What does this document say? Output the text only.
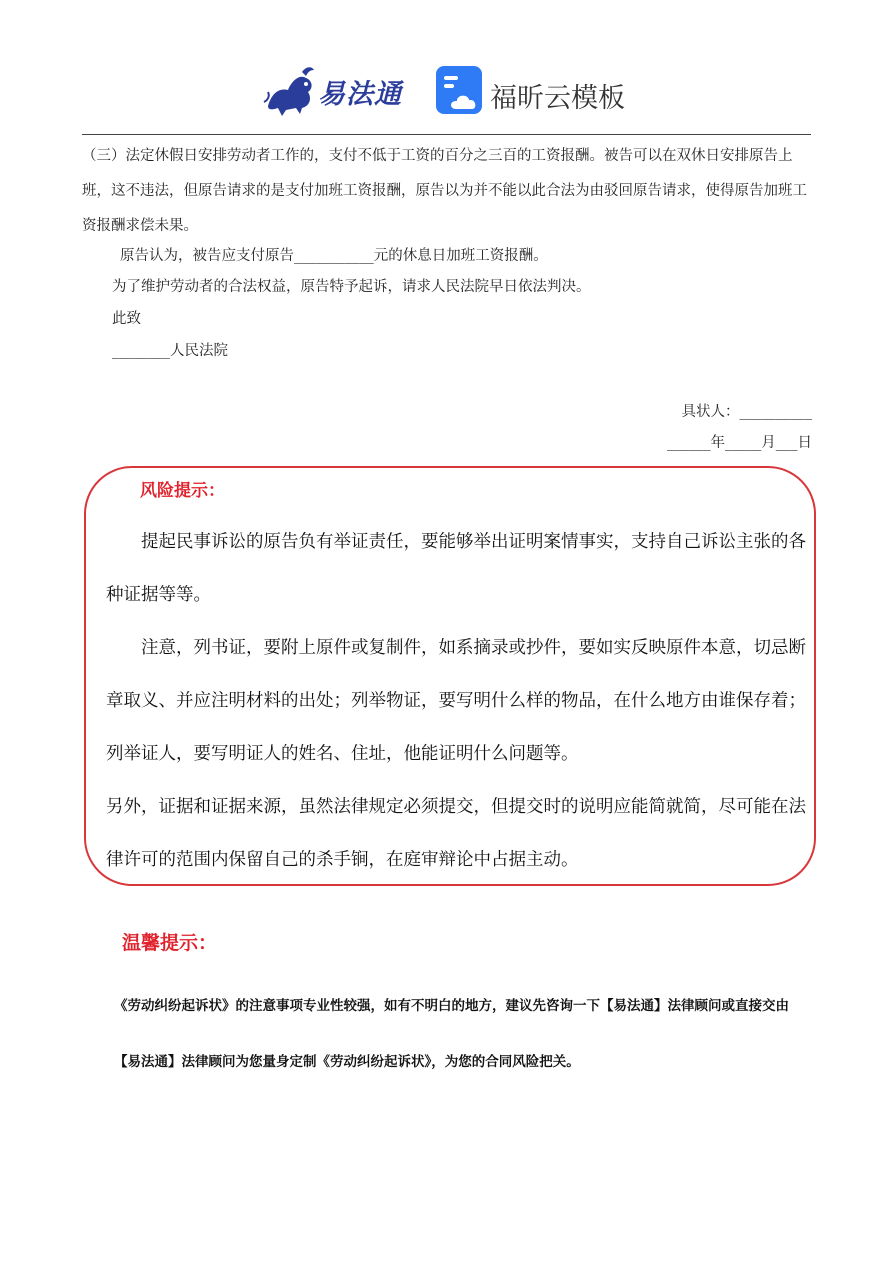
易法通	福昕云模板

（三）法定休假日安排劳动者工作的，支付不低于工资的百分之三百的工资报酬。被告可以在双休日安排原告上班，这不违法，但原告请求的是支付加班工资报酬，原告以为并不能以此合法为由驳回原告请求，使得原告加班工资报酬求偿未果。

原告认为，被告应支付原告___________元的休息日加班工资报酬。

为了维护劳动者的合法权益，原告特予起诉，请求人民法院早日依法判决。

此致

________人民法院

具状人：__________

______年_____月___日

风险提示：

提起民事诉讼的原告负有举证责任，要能够举出证明案情事实，支持自己诉讼主张的各种证据等等。

注意，列书证，要附上原件或复制件，如系摘录或抄件，要如实反映原件本意，切忌断章取义、并应注明材料的出处；列举物证，要写明什么样的物品，在什么地方由谁保存着；列举证人，要写明证人的姓名、住址，他能证明什么问题等。

另外，证据和证据来源，虽然法律规定必须提交，但提交时的说明应能简就简，尽可能在法律许可的范围内保留自己的杀手锏，在庭审辩论中占据主动。

温馨提示：

《劳动纠纷起诉状》的注意事项专业性较强，如有不明白的地方，建议先咨询一下【易法通】法律顾问或直接交由【易法通】法律顾问为您量身定制《劳动纠纷起诉状》，为您的合同风险把关。
